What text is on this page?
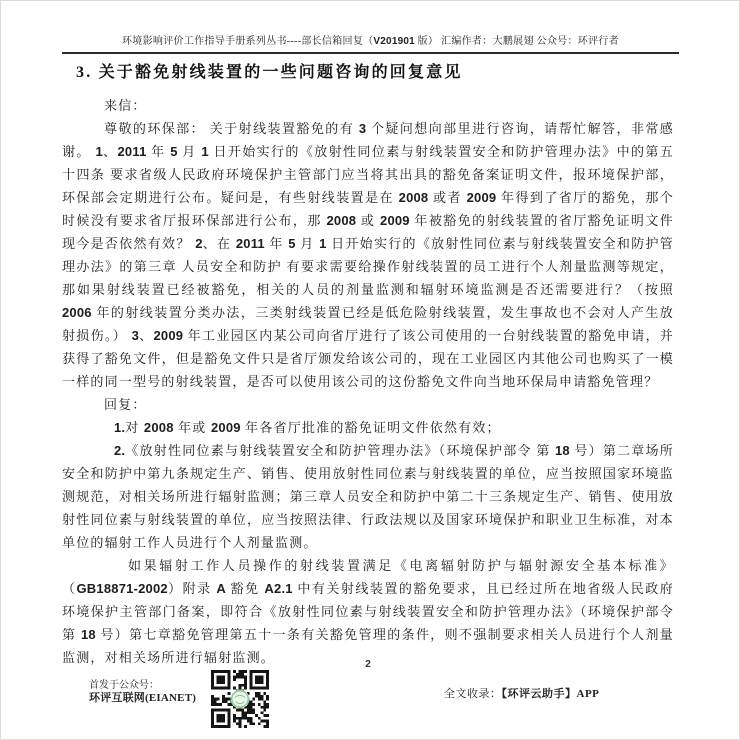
环境影响评价工作指导手册系列丛书----部长信箱回复（V201901 版） 汇编作者：大鹏展翅 公众号：环评行者
3. 关于豁免射线装置的一些问题咨询的回复意见

来信：

尊敬的环保部： 关于射线装置豁免的有 3 个疑问想向部里进行咨询，请帮忙解答，非常感谢。 1、2011 年 5 月 1 日开始实行的《放射性同位素与射线装置安全和防护管理办法》中的第五十四条 要求省级人民政府环境保护主管部门应当将其出具的豁免备案证明文件，报环境保护部，环保部会定期进行公布。疑问是，有些射线装置是在 2008 或者 2009 年得到了省厅的豁免，那个时候没有要求省厅报环保部进行公布，那 2008 或 2009 年被豁免的射线装置的省厅豁免证明文件现今是否依然有效？ 2、在 2011 年 5 月 1 日开始实行的《放射性同位素与射线装置安全和防护管理办法》的第三章 人员安全和防护 有要求需要给操作射线装置的员工进行个人剂量监测等规定，那如果射线装置已经被豁免，相关的人员的剂量监测和辐射环境监测是否还需要进行？（按照 2006 年的射线装置分类办法，三类射线装置已经是低危险射线装置，发生事故也不会对人产生放射损伤。） 3、2009 年工业园区内某公司向省厅进行了该公司使用的一台射线装置的豁免申请，并获得了豁免文件，但是豁免文件只是省厅颁发给该公司的，现在工业园区内其他公司也购买了一模一样的同一型号的射线装置，是否可以使用该公司的这份豁免文件向当地环保局申请豁免管理？

回复：

1.对 2008 年或 2009 年各省厅批准的豁免证明文件依然有效；

2.《放射性同位素与射线装置安全和防护管理办法》（环境保护部令 第 18 号）第二章场所安全和防护中第九条规定生产、销售、使用放射性同位素与射线装置的单位，应当按照国家环境监测规范，对相关场所进行辐射监测；第三章人员安全和防护中第二十三条规定生产、销售、使用放射性同位素与射线装置的单位，应当按照法律、行政法规以及国家环境保护和职业卫生标准，对本单位的辐射工作人员进行个人剂量监测。

如果辐射工作人员操作的射线装置满足《电离辐射防护与辐射源安全基本标准》（GB18871-2002）附录 A 豁免 A2.1 中有关射线装置的豁免要求，且已经过所在地省级人民政府环境保护主管部门备案，即符合《放射性同位素与射线装置安全和防护管理办法》（环境保护部令 第 18 号）第七章豁免管理第五十一条有关豁免管理的条件，则不强制要求相关人员进行个人剂量监测，对相关场所进行辐射监测。	2
首发于公众号：
环评互联网(EIANET)	全文收录：【环评云助手】APP
